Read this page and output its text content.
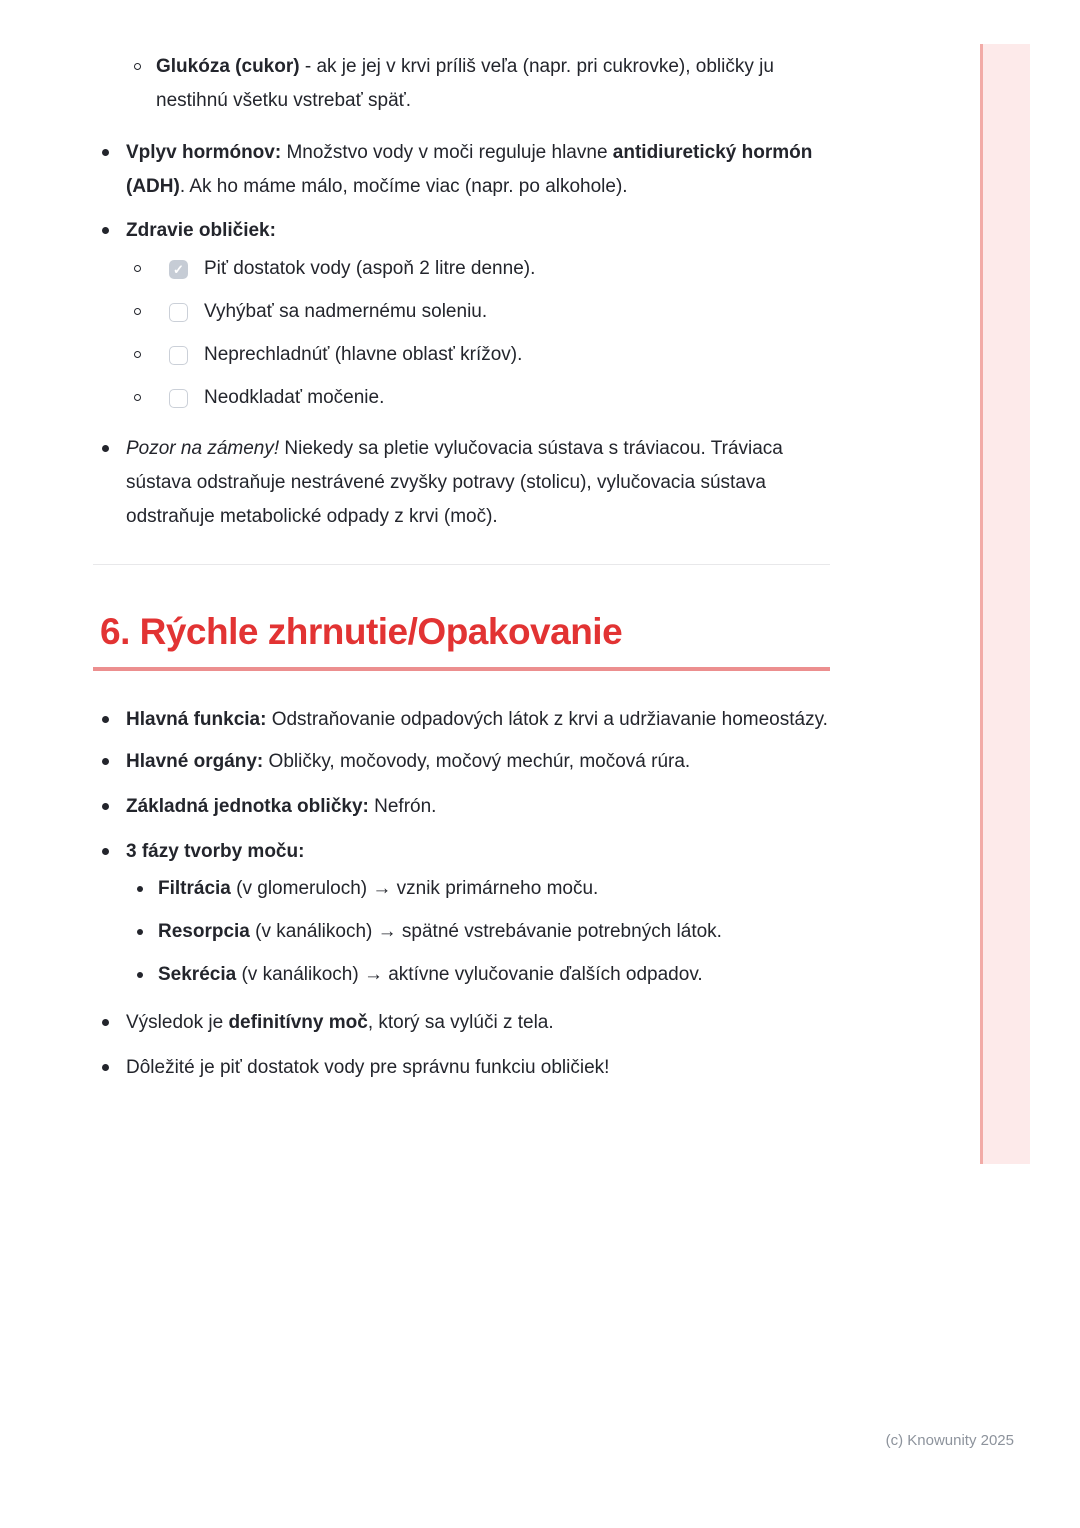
Glukóza (cukor) - ak je jej v krvi príliš veľa (napr. pri cukrovke), obličky ju nestihnú všetku vstrebať späť.

Vplyv hormónov: Množstvo vody v moči reguluje hlavne antidiuretický hormón (ADH). Ak ho máme málo, močíme viac (napr. po alkohole).

Zdravie obličiek:

✓ Piť dostatok vody (aspoň 2 litre denne).

Vyhýbať sa nadmernému soleniu.

Neprechladnúť (hlavne oblasť krížov).

Neodkladať močenie.

Pozor na zámeny! Niekedy sa pletie vylučovacia sústava s tráviacou. Tráviaca sústava odstraňuje nestrávené zvyšky potravy (stolicu), vylučovacia sústava odstraňuje metabolické odpady z krvi (moč).

6. Rýchle zhrnutie/Opakovanie

Hlavná funkcia: Odstraňovanie odpadových látok z krvi a udržiavanie homeostázy.

Hlavné orgány: Obličky, močovody, močový mechúr, močová rúra.

Základná jednotka obličky: Nefrón.

3 fázy tvorby moču:

Filtrácia (v glomeruloch) → vznik primárneho moču.

Resorpcia (v kanálikoch) → spätné vstrebávanie potrebných látok.

Sekrécia (v kanálikoch) → aktívne vylučovanie ďalších odpadov.

Výsledok je definitívny moč, ktorý sa vylúči z tela.

Dôležité je piť dostatok vody pre správnu funkciu obličiek!

(c) Knowunity 2025
